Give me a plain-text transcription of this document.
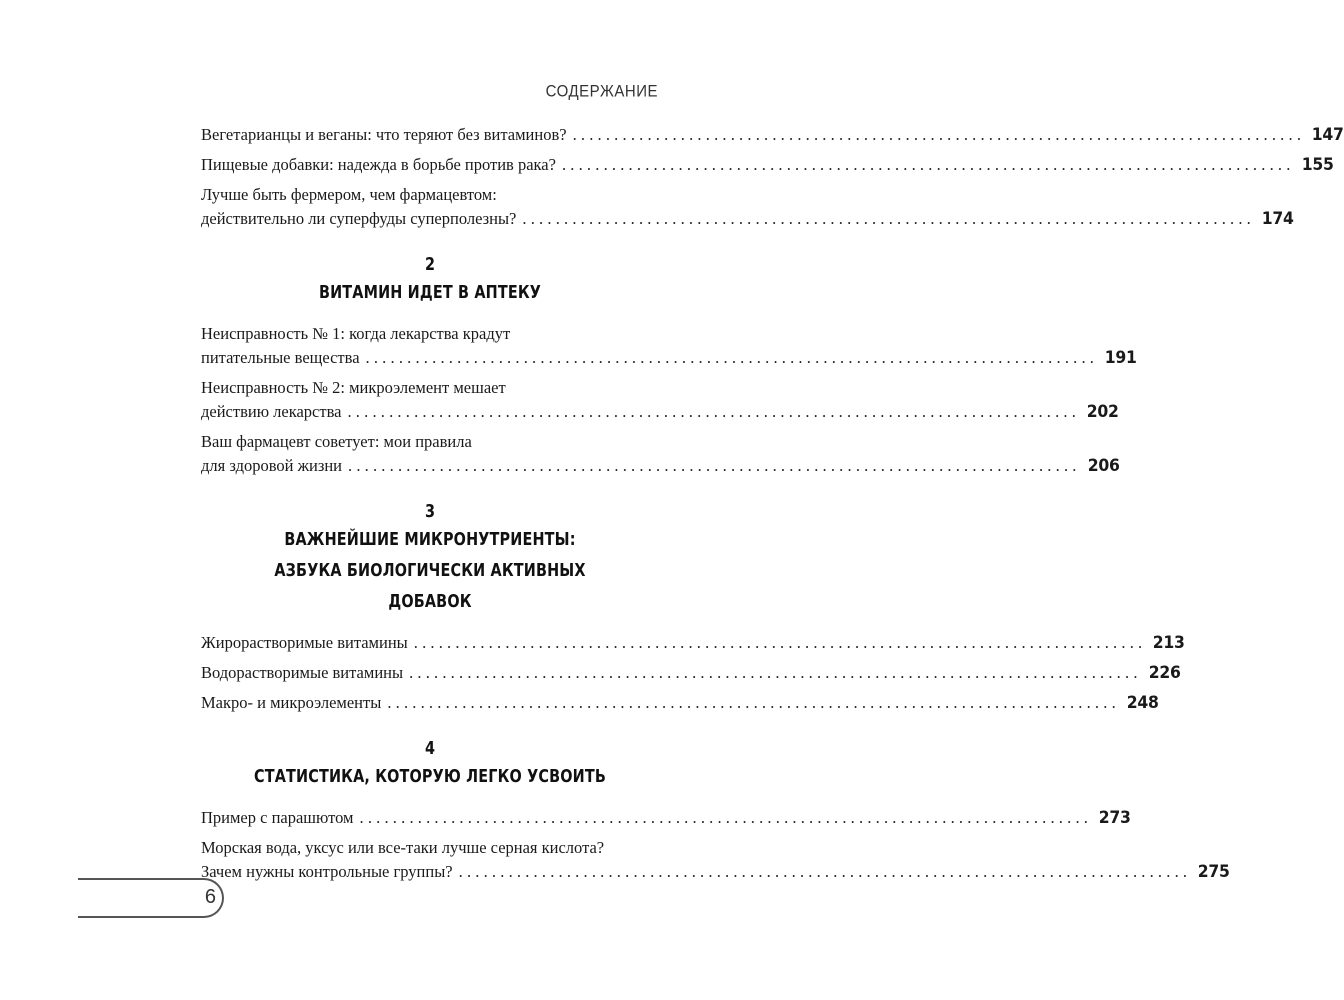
СОДЕРЖАНИЕ
Вегетарианцы и веганы: что теряют без витаминов? ........................................................................................ 147
Пищевые добавки: надежда в борьбе против рака? ........................................................................................ 155
Лучше быть фермером, чем фармацевтом:
действительно ли суперфуды суперполезны? ........................................................................................ 174
2
ВИТАМИН ИДЕТ В АПТЕКУ
Неисправность № 1: когда лекарства крадут
питательные вещества ........................................................................................ 191
Неисправность № 2: микроэлемент мешает
действию лекарства ........................................................................................ 202
Ваш фармацевт советует: мои правила
для здоровой жизни ........................................................................................ 206
3
ВАЖНЕЙШИЕ МИКРОНУТРИЕНТЫ:
АЗБУКА БИОЛОГИЧЕСКИ АКТИВНЫХ ДОБАВОК
Жирорастворимые витамины ........................................................................................ 213
Водорастворимые витамины ........................................................................................ 226
Макро- и микроэлементы ........................................................................................ 248
4
СТАТИСТИКА, КОТОРУЮ ЛЕГКО УСВОИТЬ
Пример с парашютом ........................................................................................ 273
Морская вода, уксус или все-таки лучше серная кислота?
Зачем нужны контрольные группы? ........................................................................................ 275
6
